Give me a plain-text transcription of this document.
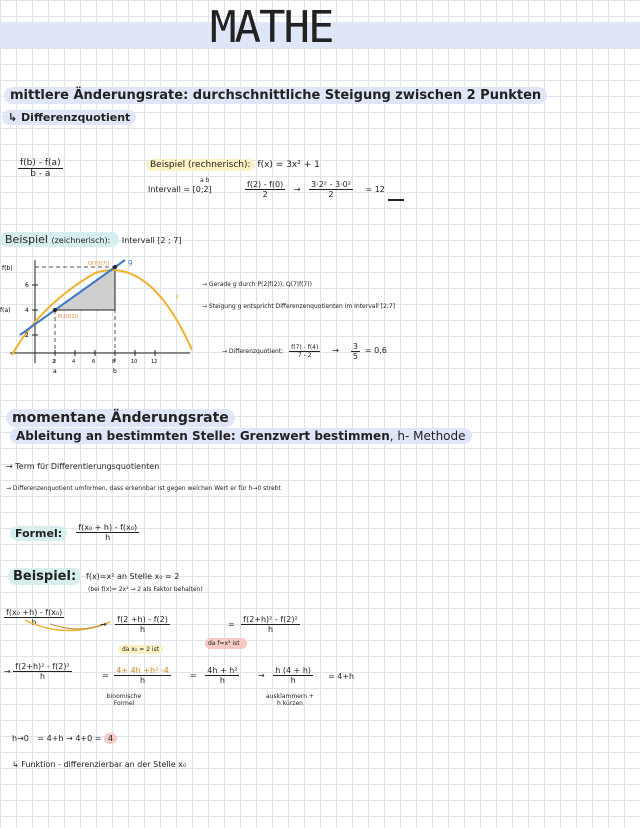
MATHE
mittlere Änderungsrate: durchschnittliche Steigung zwischen 2 Punkten
↳ Differenzquotient
$\frac{f(b) - f(a)}{b - a}$	Beispiel (rechnerisch): f(x) = 3x² + 1
a b
Intervall = [0;2]	$\frac{f(2) - f(0)}{2} \to \frac{\text{3·2² - 3·0²}}{2} = 12$
Beispiel (zeichnerisch): Intervall [2 ; 7]
f(b)
f(a)
6
4
2
Q(7|f(7))	g
P(2|f(2))
f
2	4	6	8	10	12
a	b
→ Gerade g durch P(2|f(2)), Q(7|f(7))
→ Steigung g entspricht Differenzenquotienten im Intervall [2;7]
→ Differenzquotient: $\frac{f(7) - f(4)}{7 - 2} \to \frac{3}{5} = 0,6$
momentane Änderungsrate
Ableitung an bestimmten Stelle: Grenzwert bestimmen, h- Methode
→ Term für Differentierungsquotienten
→ Differenzenquotient umformen, dass erkennbar ist gegen welchen Wert er für h→0 strebt
Formel: $\frac{\text{f(x₀ + h) - f(x₀)}}{h}$
Beispiel:	f(x)=x² an Stelle x₀ = 2
(bei f(x)= 2x² → 2 als Faktor behalten)
$\frac{\text{f(x₀ +h) - f(x₀)}}{h}$	→ $\frac{f(2 +h) - f(2)}{h}$
da x₀ = 2 ist
= $\frac{\text{f(2+h)² - f(2)²}}{h}$
da f=x² ist
→ $\frac{\text{f(2+h)² - f(2)²}}{h}$	= $\frac{\text{4+ 4h +h² -4}}{h}$
binomische Formel
= $\frac{\text{4h + h²}}{h} \to \frac{h (4 + h)}{h}$
ausklammern + h kürzen
= 4+h
h→0 = 4+h → 4+0 = 4
↳ Funktion - differenzierbar an der Stelle x₀
